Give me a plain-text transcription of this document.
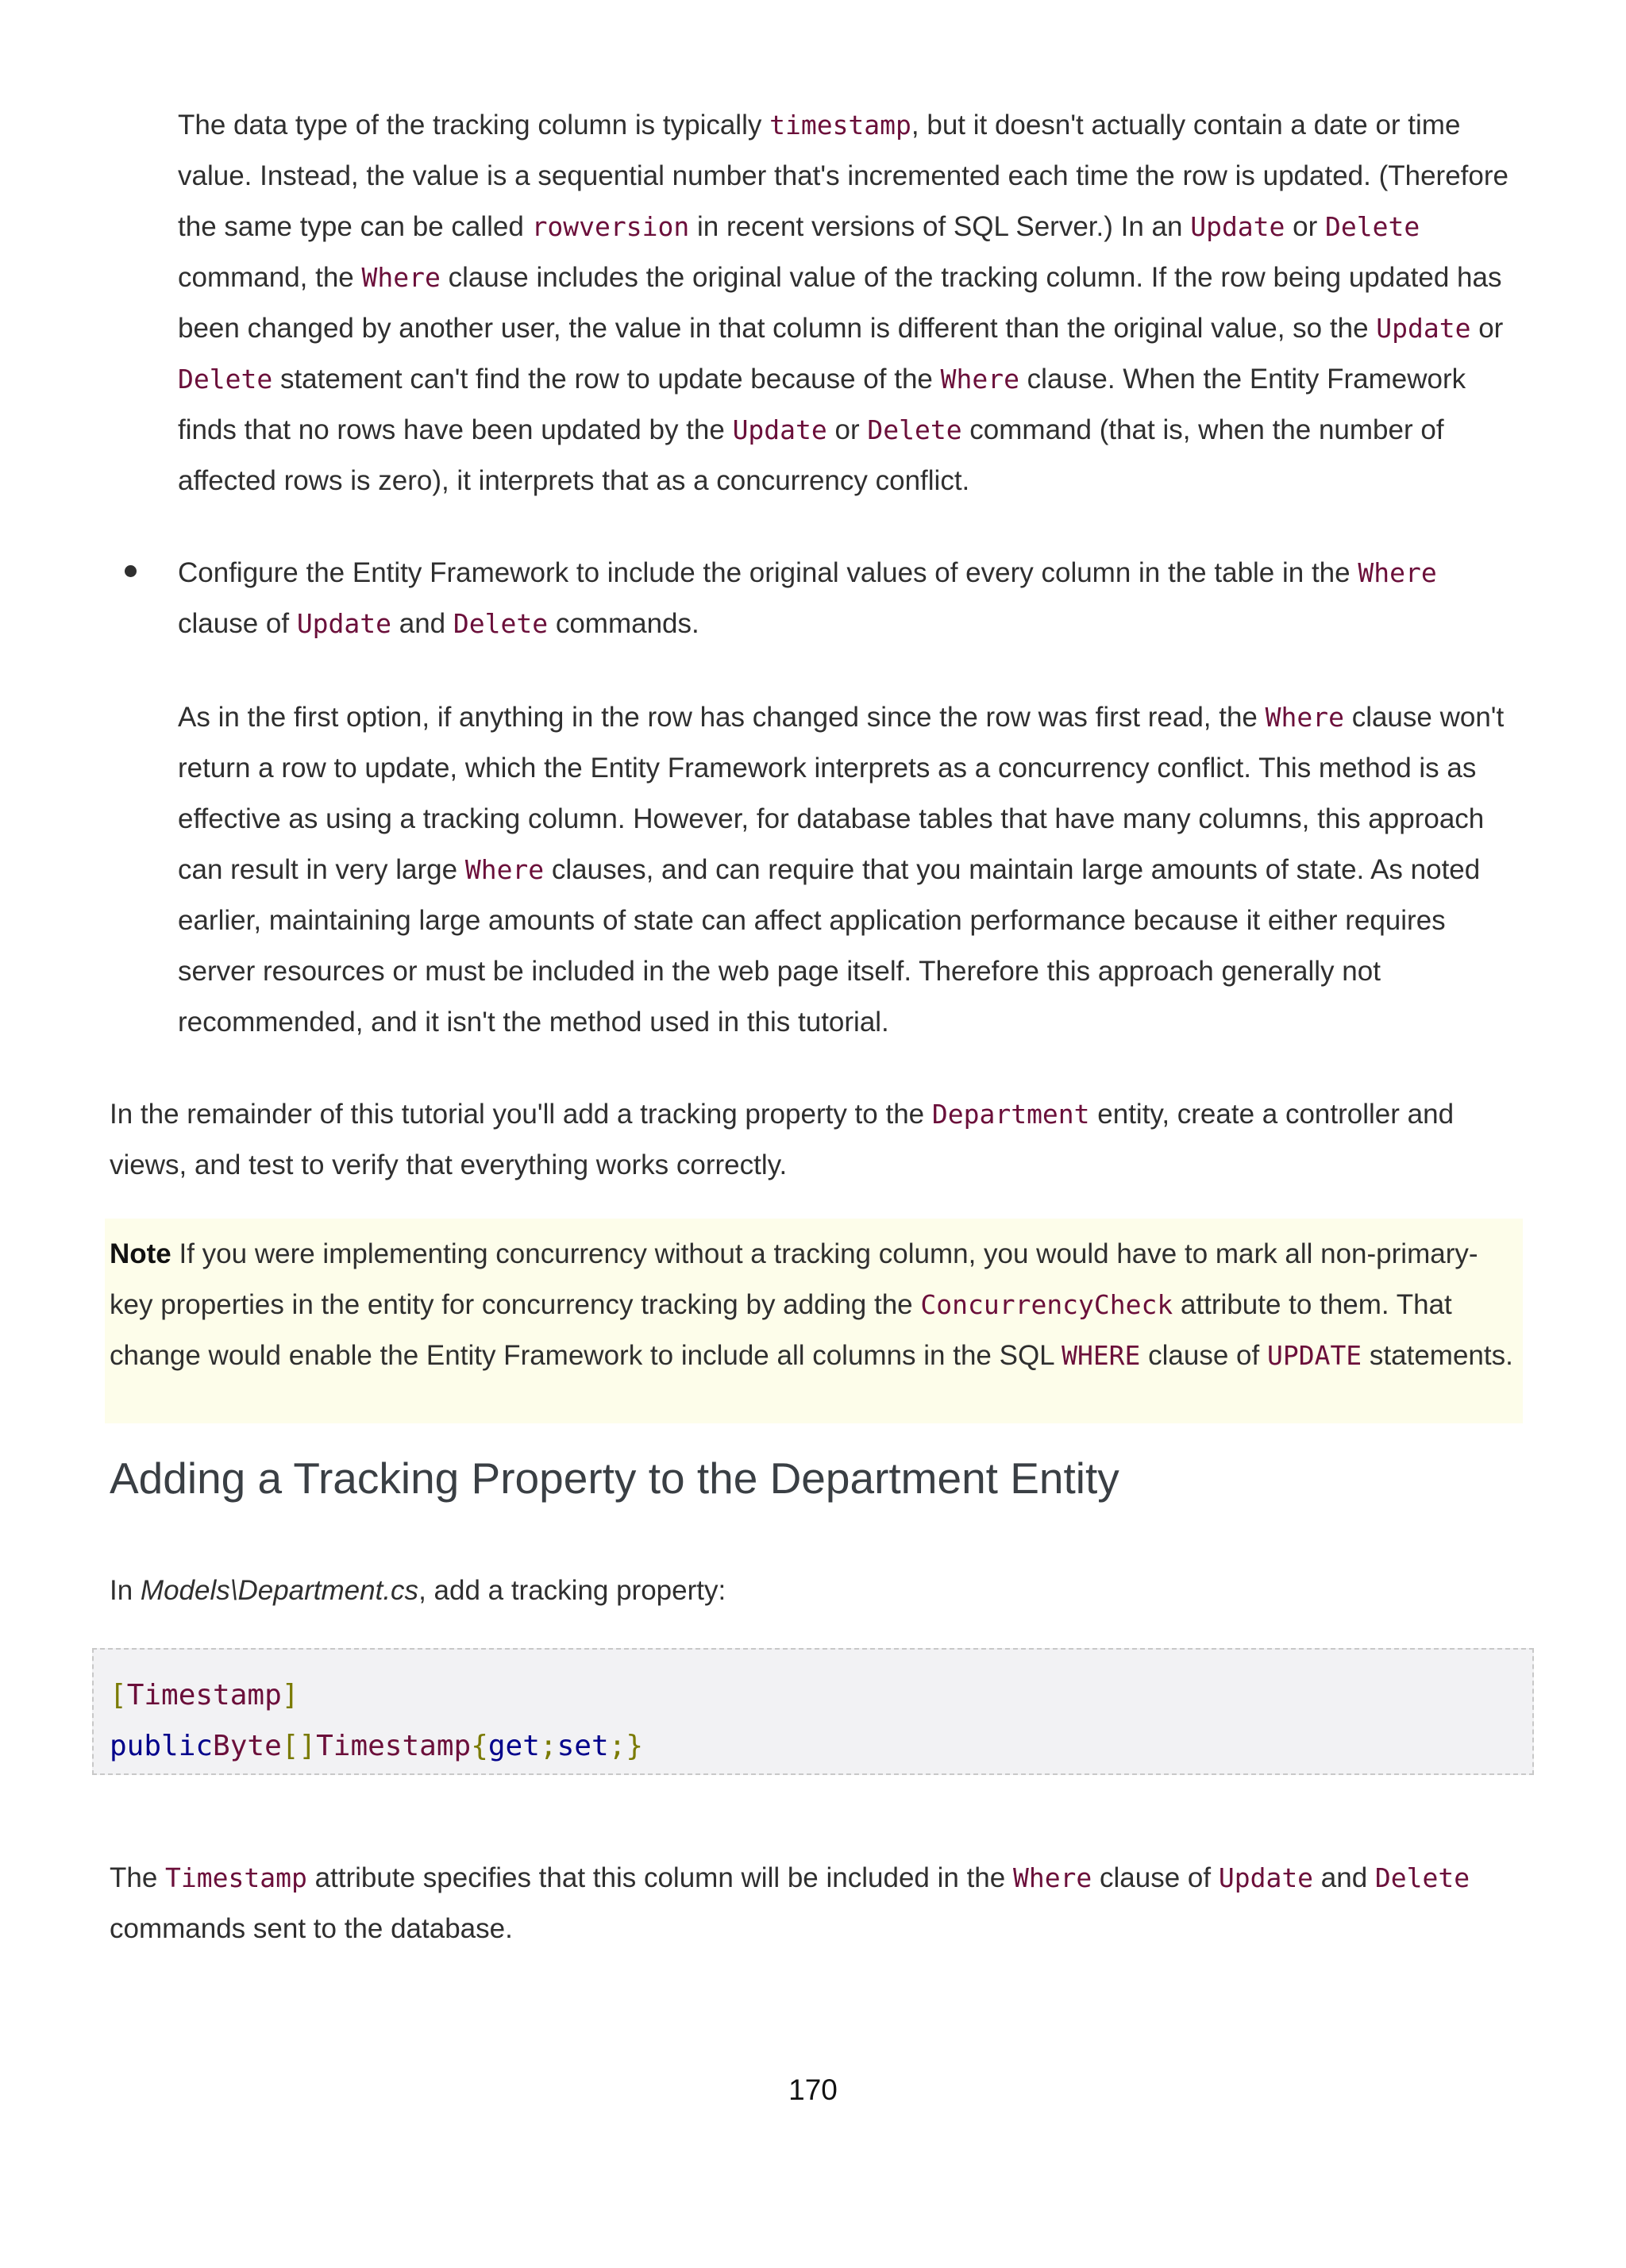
The data type of the tracking column is typically timestamp, but it doesn't actually contain a date or time value. Instead, the value is a sequential number that's incremented each time the row is updated. (Therefore the same type can be called rowversion in recent versions of SQL Server.) In an Update or Delete command, the Where clause includes the original value of the tracking column. If the row being updated has been changed by another user, the value in that column is different than the original value, so the Update or Delete statement can't find the row to update because of the Where clause. When the Entity Framework finds that no rows have been updated by the Update or Delete command (that is, when the number of affected rows is zero), it interprets that as a concurrency conflict.

Configure the Entity Framework to include the original values of every column in the table in the Where clause of Update and Delete commands.

As in the first option, if anything in the row has changed since the row was first read, the Where clause won't return a row to update, which the Entity Framework interprets as a concurrency conflict. This method is as effective as using a tracking column. However, for database tables that have many columns, this approach can result in very large Where clauses, and can require that you maintain large amounts of state. As noted earlier, maintaining large amounts of state can affect application performance because it either requires server resources or must be included in the web page itself. Therefore this approach generally not recommended, and it isn't the method used in this tutorial.

In the remainder of this tutorial you'll add a tracking property to the Department entity, create a controller and views, and test to verify that everything works correctly.

Note If you were implementing concurrency without a tracking column, you would have to mark all non-primary-key properties in the entity for concurrency tracking by adding the ConcurrencyCheck attribute to them. That change would enable the Entity Framework to include all columns in the SQL WHERE clause of UPDATE statements.

Adding a Tracking Property to the Department Entity

In Models\Department.cs, add a tracking property:

[Timestamp]

publicByte[]Timestamp{get;set;}

The Timestamp attribute specifies that this column will be included in the Where clause of Update and Delete commands sent to the database.

170
